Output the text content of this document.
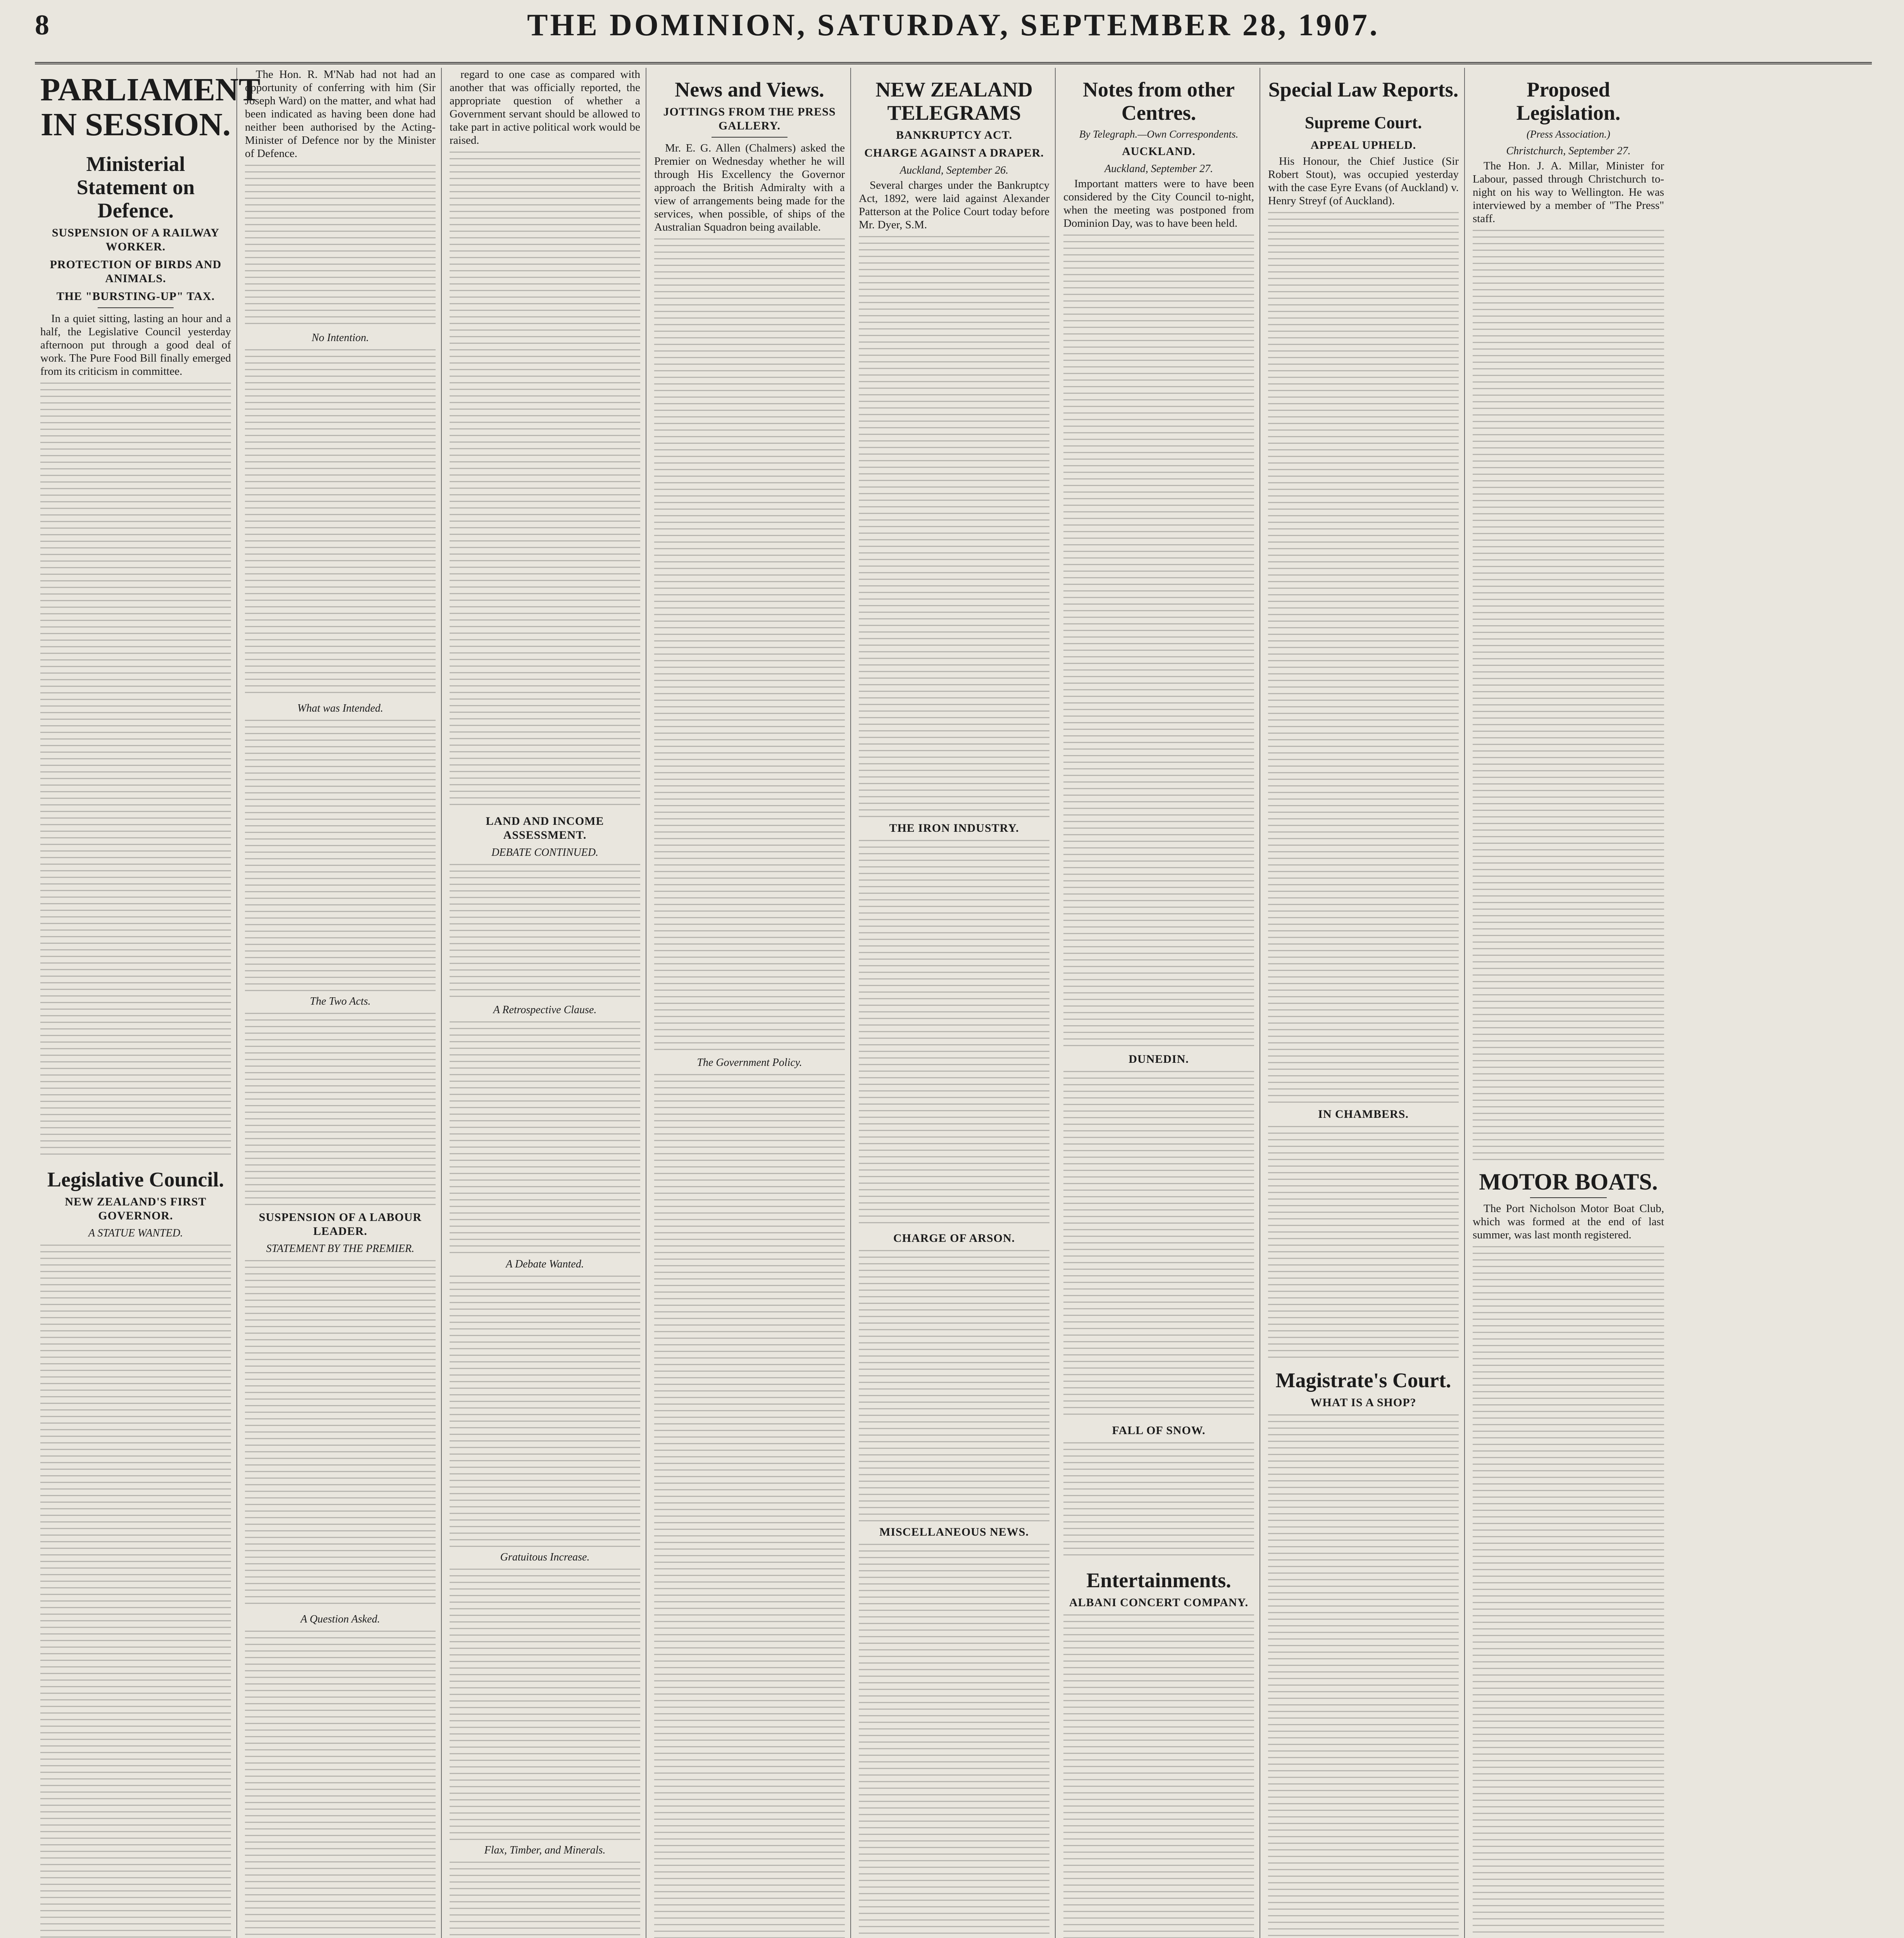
8	THE DOMINION, SATURDAY, SEPTEMBER 28, 1907.
PARLIAMENT IN SESSION.
Ministerial Statement on Defence.
SUSPENSION OF A RAILWAY WORKER.
PROTECTION OF BIRDS AND ANIMALS.
THE "BURSTING-UP" TAX.

In a quiet sitting, lasting an hour and a half, the Legislative Council yesterday afternoon put through a good deal of work. The Pure Food Bill finally emerged from its criticism in committee.

Legislative Council.
NEW ZEALAND'S FIRST GOVERNOR.
A STATUE WANTED.

The Hon. R. M'Nab had not had an opportunity of conferring with him (Sir Joseph Ward) on the matter, and what had been indicated as having been done had neither been authorised by the Acting-Minister of Defence nor by the Minister of Defence.

No Intention.
What was Intended.
The Two Acts.
SUSPENSION OF A LABOUR LEADER.
STATEMENT BY THE PREMIER.
A Question Asked.

regard to one case as compared with another that was officially reported, the appropriate question of whether a Government servant should be allowed to take part in active political work would be raised.

LAND AND INCOME ASSESSMENT.
DEBATE CONTINUED.
A Retrospective Clause.
A Debate Wanted.
Gratuitous Increase.
Flax, Timber, and Minerals.
News and Views.
JOTTINGS FROM THE PRESS GALLERY.

Mr. E. G. Allen (Chalmers) asked the Premier on Wednesday whether he will through His Excellency the Governor approach the British Admiralty with a view of arrangements being made for the services, when possible, of ships of the Australian Squadron being available.

The Government Policy.
NEW ZEALAND TELEGRAMS
BANKRUPTCY ACT.
CHARGE AGAINST A DRAPER.
Auckland, September 26.

Several charges under the Bankruptcy Act, 1892, were laid against Alexander Patterson at the Police Court today before Mr. Dyer, S.M.

THE IRON INDUSTRY.
CHARGE OF ARSON.
MISCELLANEOUS NEWS.
Notes from other Centres.
By Telegraph.—Own Correspondents.
AUCKLAND.
Auckland, September 27.

Important matters were to have been considered by the City Council to-night, when the meeting was postponed from Dominion Day, was to have been held.

DUNEDIN.
FALL OF SNOW.
Entertainments.
ALBANI CONCERT COMPANY.
Special Law Reports.
Supreme Court.
APPEAL UPHELD.

His Honour, the Chief Justice (Sir Robert Stout), was occupied yesterday with the case Eyre Evans (of Auckland) v. Henry Streyf (of Auckland).

IN CHAMBERS.
Magistrate's Court.
WHAT IS A SHOP?
Proposed Legislation.
(Press Association.)
Christchurch, September 27.

The Hon. J. A. Millar, Minister for Labour, passed through Christchurch to-night on his way to Wellington. He was interviewed by a member of "The Press" staff.

MOTOR BOATS.

The Port Nicholson Motor Boat Club, which was formed at the end of last summer, was last month registered.
